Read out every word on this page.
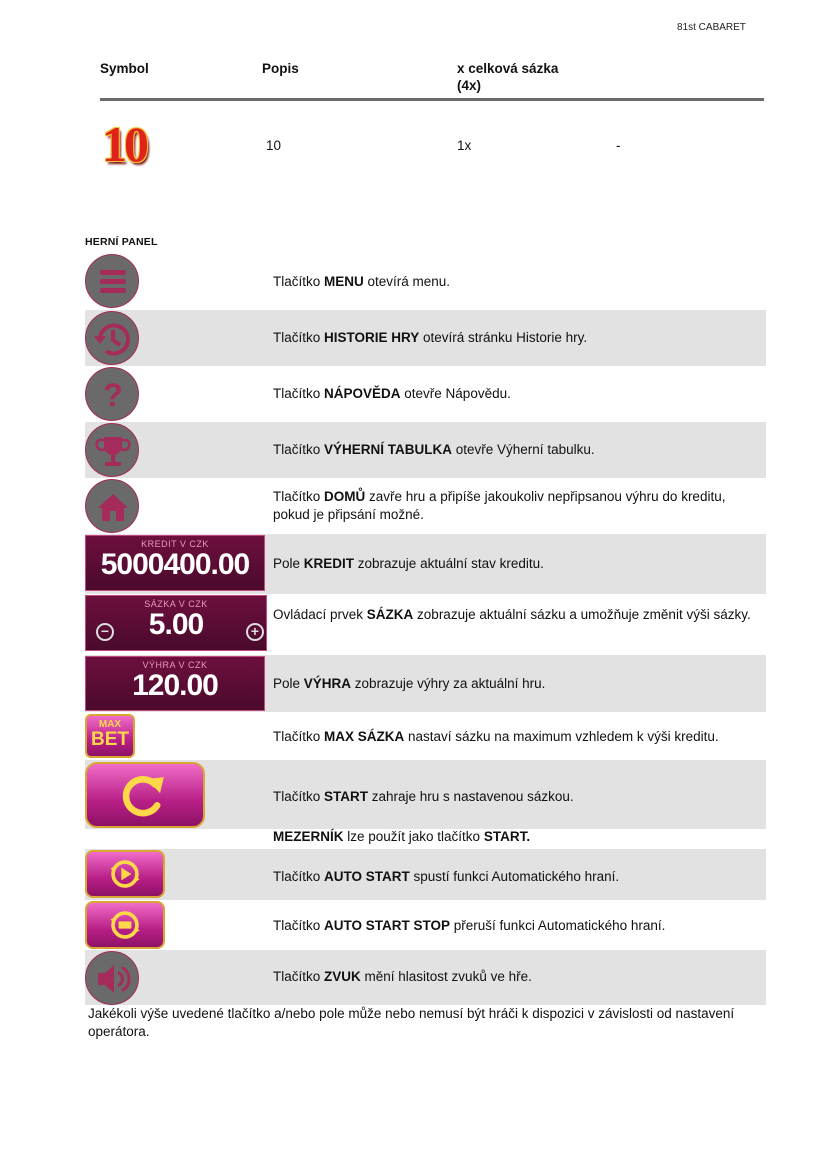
81st CABARET
Symbol	Popis	x celková sázka
(4x)
10	10	1x	-
HERNÍ PANEL
Tlačítko MENU otevírá menu.
Tlačítko HISTORIE HRY otevírá stránku Historie hry.
?	Tlačítko NÁPOVĚDA otevře Nápovědu.
Tlačítko VÝHERNÍ TABULKA otevře Výherní tabulku.
Tlačítko DOMŮ zavře hru a připíše jakoukoliv nepřipsanou výhru do kreditu, pokud je připsání možné.
KREDIT V CZK
5000400.00	Pole KREDIT zobrazuje aktuální stav kreditu.
SÁZKA V CZK
5.00
−	+
Ovládací prvek SÁZKA zobrazuje aktuální sázku a umožňuje změnit výši sázky.
VÝHRA V CZK
120.00	Pole VÝHRA zobrazuje výhry za aktuální hru.
MAX
BET	Tlačítko MAX SÁZKA nastaví sázku na maximum vzhledem k výši kreditu.
Tlačítko START zahraje hru s nastavenou sázkou.
MEZERNÍK lze použít jako tlačítko START.
Tlačítko AUTO START spustí funkci Automatického hraní.
Tlačítko AUTO START STOP přeruší funkci Automatického hraní.
Tlačítko ZVUK mění hlasitost zvuků ve hře.
Jakékoli výše uvedené tlačítko a/nebo pole může nebo nemusí být hráči k dispozici v závislosti od nastavení operátora.
